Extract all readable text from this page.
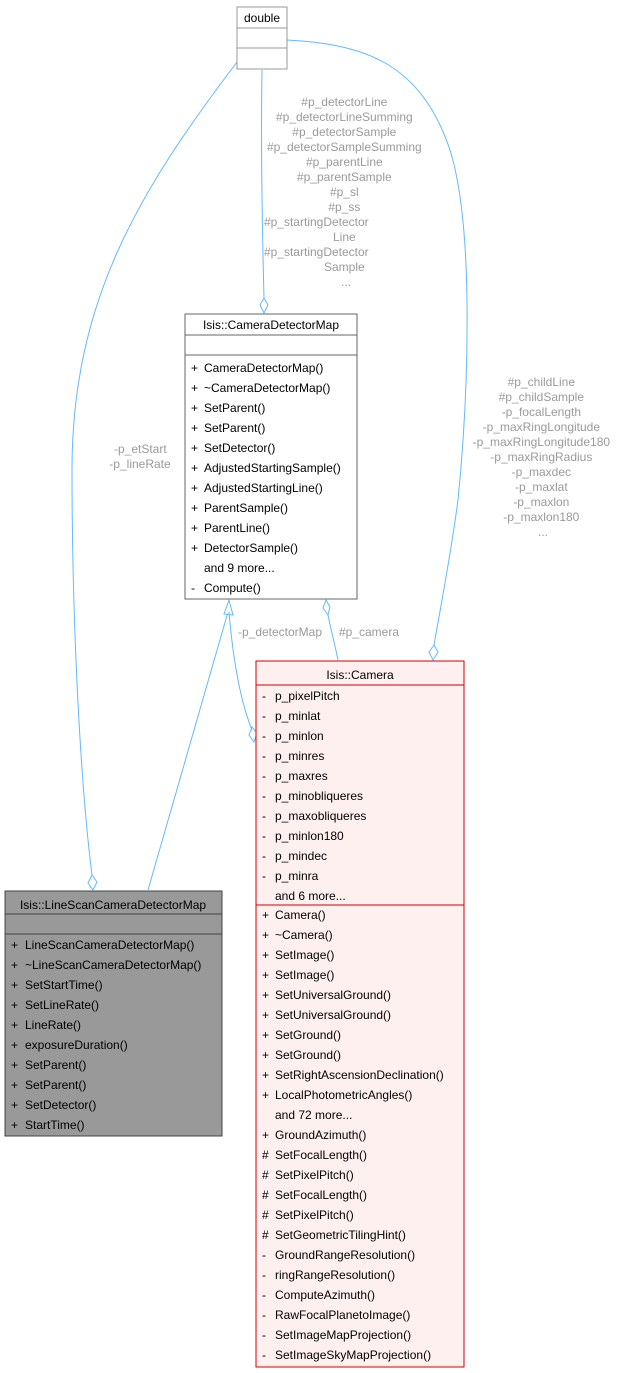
#p_detectorLine #p_detectorLineSumming #p_detectorSample #p_detectorSampleSumming #p_parentLine #p_parentSample #p_sl #p_ss #p_startingDetector Line #p_startingDetector Sample ...
-p_etStart -p_lineRate
#p_childLine #p_childSample -p_focalLength -p_maxRingLongitude -p_maxRingLongitude180 -p_maxRingRadius -p_maxdec -p_maxlat -p_maxlon -p_maxlon180 ...
-p_detectorMap #p_camera
double
Isis::CameraDetectorMap
+ CameraDetectorMap()
+ ~CameraDetectorMap()
+ SetParent()
+ SetParent()
+ SetDetector()
+ AdjustedStartingSample()
+ AdjustedStartingLine()
+ ParentSample()
+ ParentLine()
+ DetectorSample()
and 9 more...
- Compute()
Isis::LineScanCameraDetectorMap
+ LineScanCameraDetectorMap()
+ ~LineScanCameraDetectorMap()
+ SetStartTime()
+ SetLineRate()
+ LineRate()
+ exposureDuration()
+ SetParent()
+ SetParent()
+ SetDetector()
+ StartTime()
Isis::Camera
- p_pixelPitch
- p_minlat
- p_minlon
- p_minres
- p_maxres
- p_minobliqueres
- p_maxobliqueres
- p_minlon180
- p_mindec
- p_minra
and 6 more...
+ Camera()
+ ~Camera()
+ SetImage()
+ SetImage()
+ SetUniversalGround()
+ SetUniversalGround()
+ SetGround()
+ SetGround()
+ SetRightAscensionDeclination()
+ LocalPhotometricAngles()
and 72 more...
+ GroundAzimuth()
# SetFocalLength()
# SetPixelPitch()
# SetFocalLength()
# SetPixelPitch()
# SetGeometricTilingHint()
- GroundRangeResolution()
- ringRangeResolution()
- ComputeAzimuth()
- RawFocalPlanetoImage()
- SetImageMapProjection()
- SetImageSkyMapProjection()
